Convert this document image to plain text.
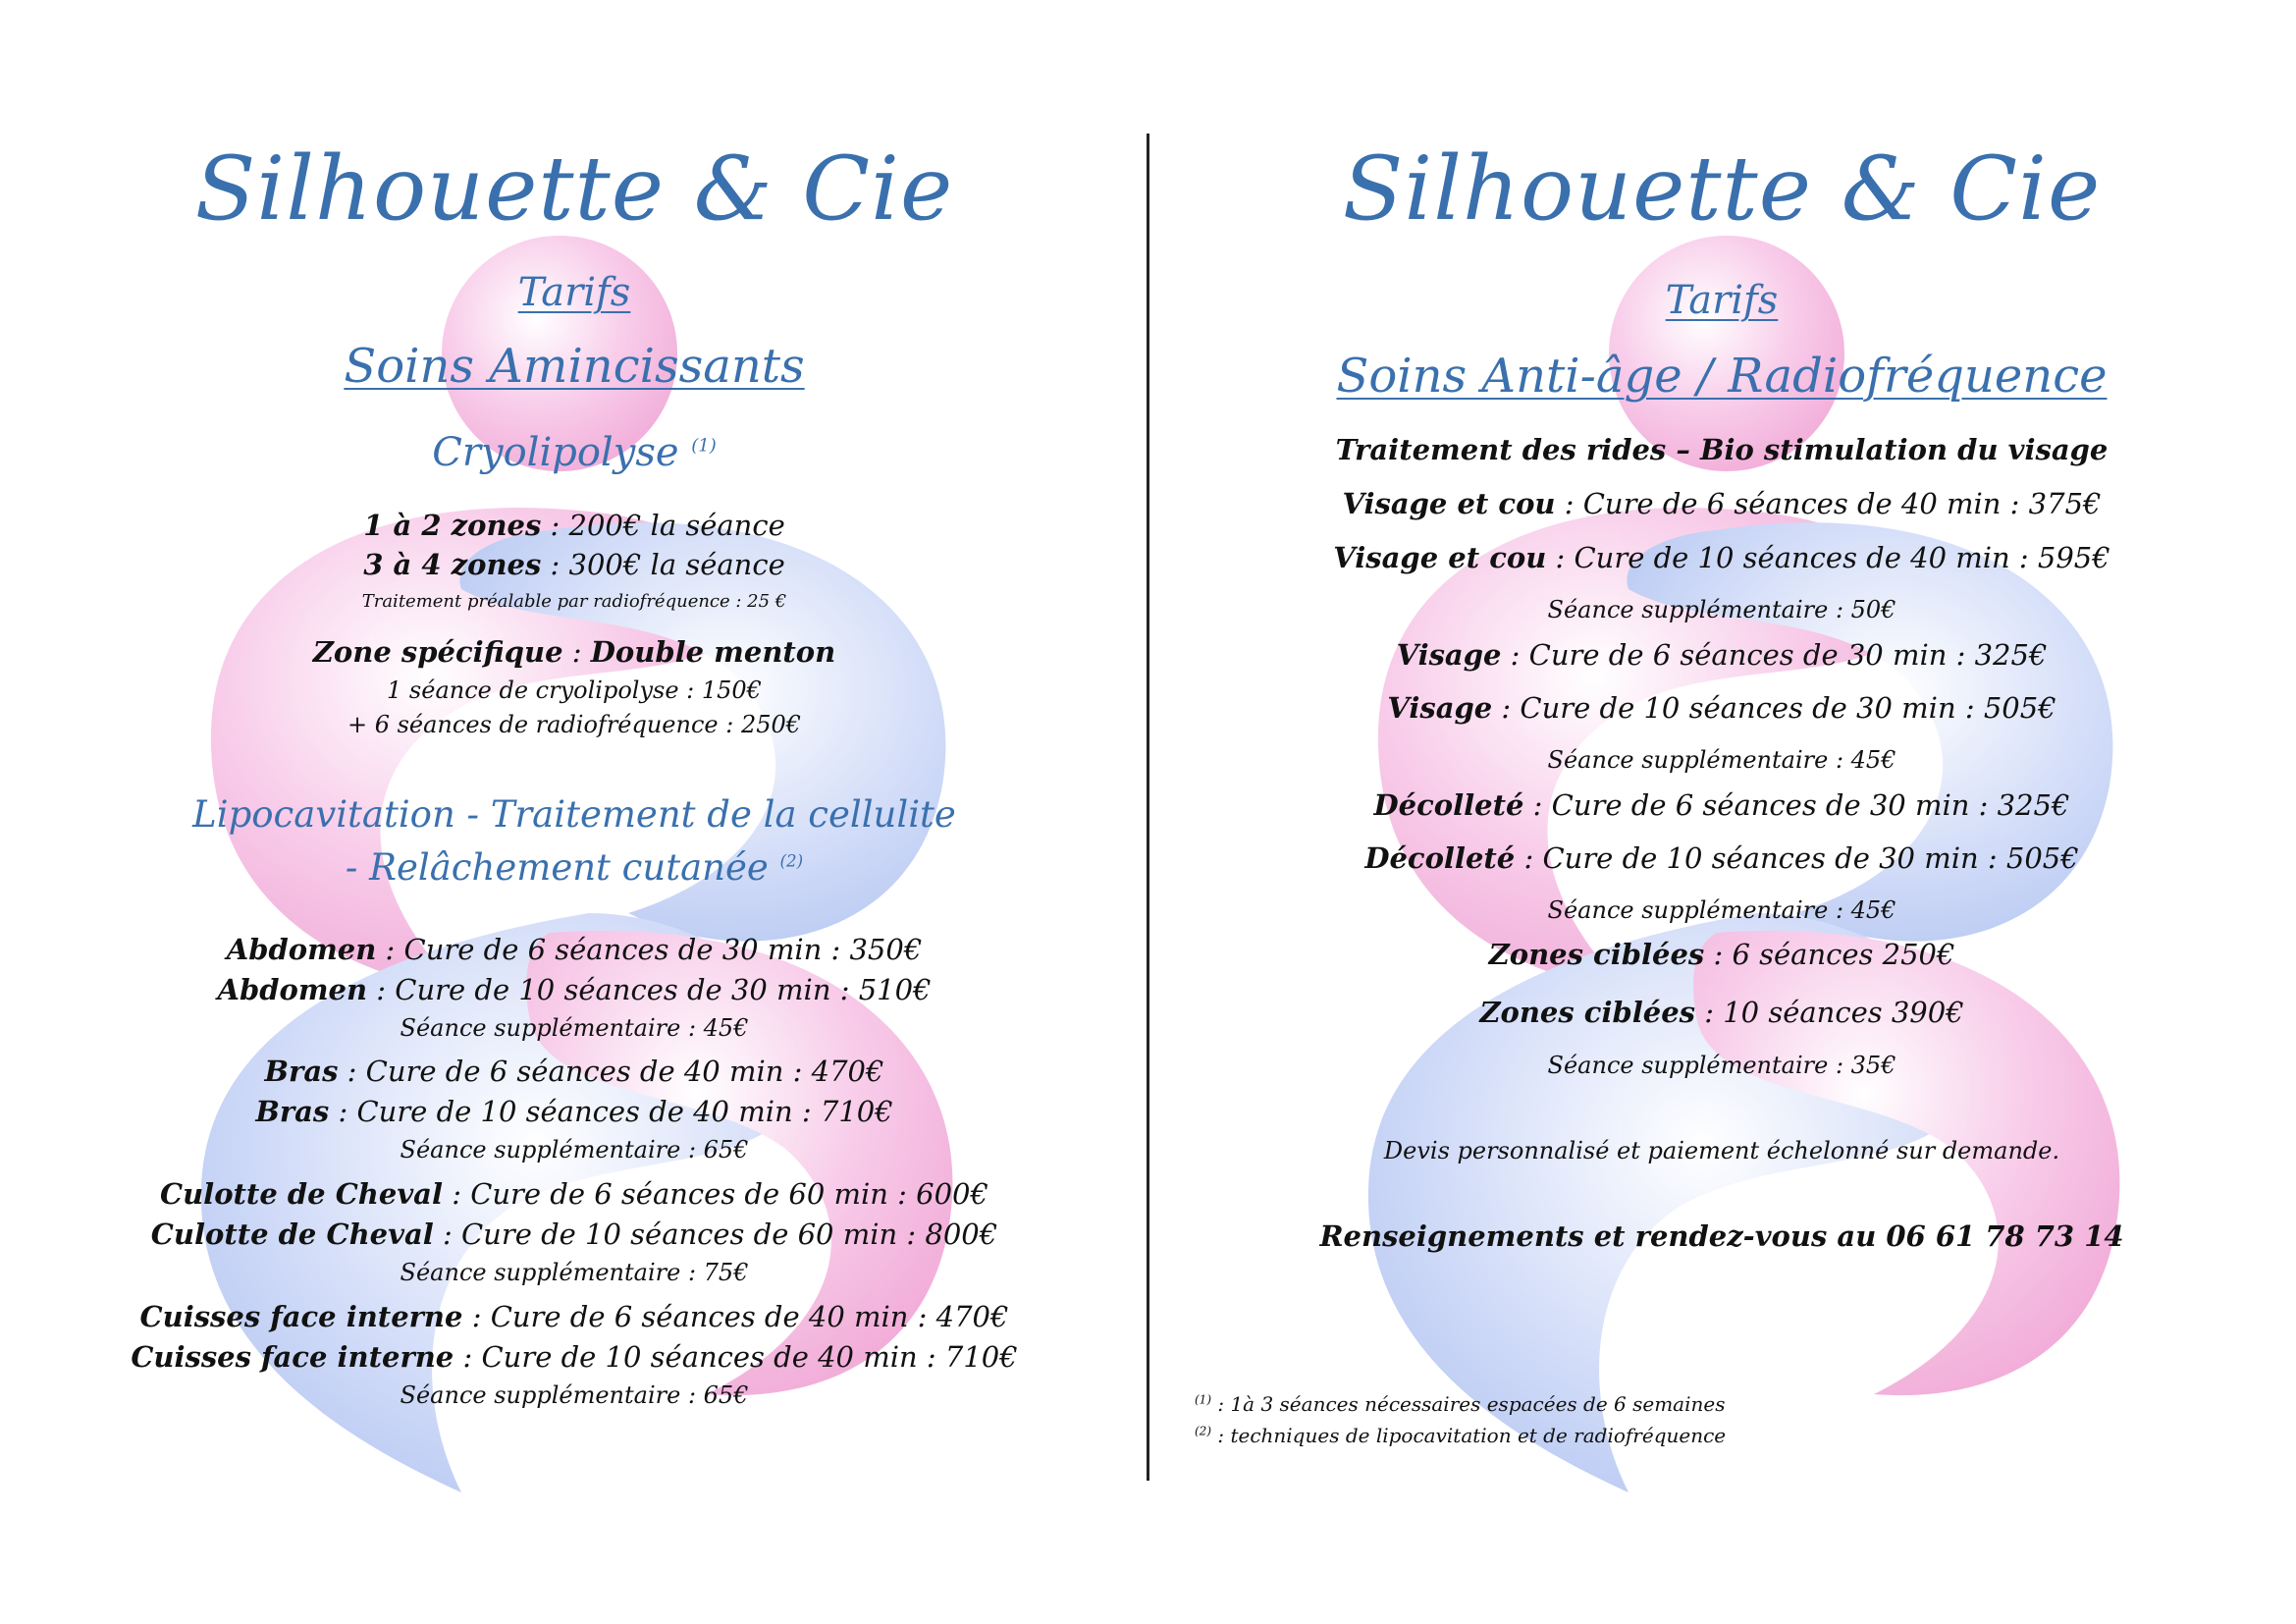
Silhouette & Cie
Tarifs
Soins Amincissants
Cryolipolyse $^{(1)}$
1 à 2 zones : 200€ la séance
3 à 4 zones : 300€ la séance
Traitement préalable par radiofréquence : 25 €
Zone spécifique : Double menton
1 séance de cryolipolyse : 150€
+ 6 séances de radiofréquence : 250€
Lipocavitation - Traitement de la cellulite
- Relâchement cutanée $^{(2)}$
Abdomen : Cure de 6 séances de 30 min : 350€
Abdomen : Cure de 10 séances de 30 min : 510€
Séance supplémentaire : 45€
Bras : Cure de 6 séances de 40 min : 470€
Bras : Cure de 10 séances de 40 min : 710€
Séance supplémentaire : 65€
Culotte de Cheval : Cure de 6 séances de 60 min : 600€
Culotte de Cheval : Cure de 10 séances de 60 min : 800€
Séance supplémentaire : 75€
Cuisses face interne : Cure de 6 séances de 40 min : 470€
Cuisses face interne : Cure de 10 séances de 40 min : 710€
Séance supplémentaire : 65€
Silhouette & Cie
Tarifs
Soins Anti-âge / Radiofréquence
Traitement des rides – Bio stimulation du visage
Visage et cou : Cure de 6 séances de 40 min : 375€
Visage et cou : Cure de 10 séances de 40 min : 595€
Séance supplémentaire : 50€
Visage : Cure de 6 séances de 30 min : 325€
Visage : Cure de 10 séances de 30 min : 505€
Séance supplémentaire : 45€
Décolleté : Cure de 6 séances de 30 min : 325€
Décolleté : Cure de 10 séances de 30 min : 505€
Séance supplémentaire : 45€
Zones ciblées : 6 séances 250€
Zones ciblées : 10 séances 390€
Séance supplémentaire : 35€
Devis personnalisé et paiement échelonné sur demande.
Renseignements et rendez-vous au 06 61 78 73 14
$^{(1)}$ : 1à 3 séances nécessaires espacées de 6 semaines
$^{(2)}$ : techniques de lipocavitation et de radiofréquence
